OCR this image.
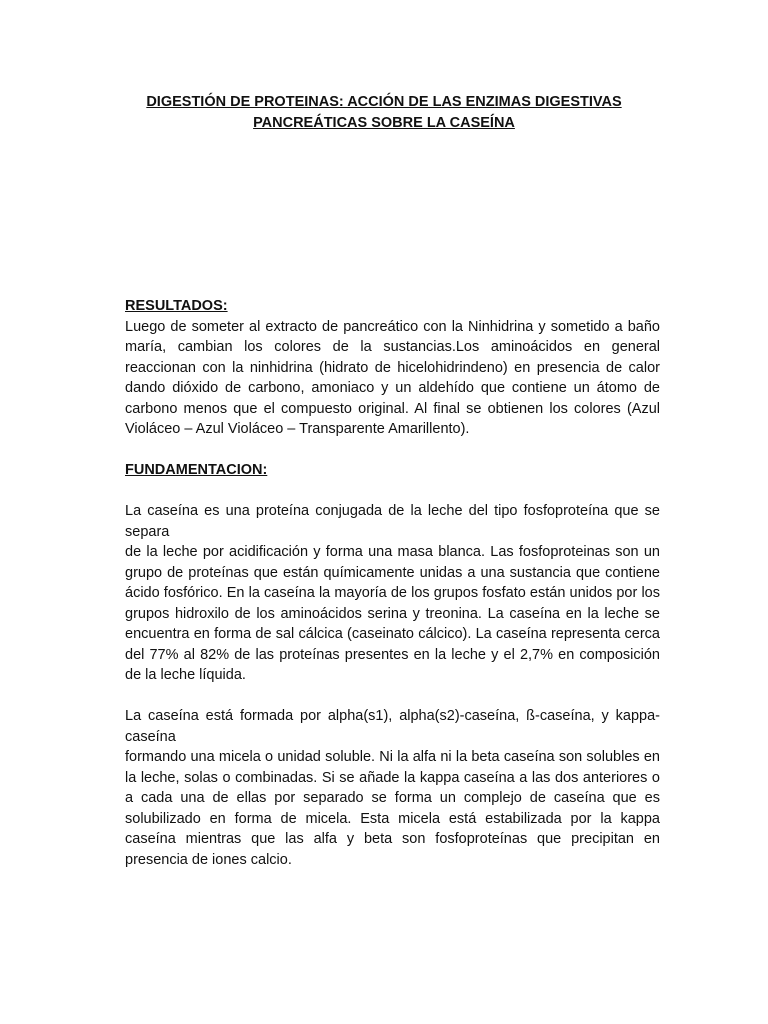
DIGESTIÓN DE PROTEINAS: ACCIÓN DE LAS ENZIMAS DIGESTIVAS
PANCREÁTICAS SOBRE LA CASEÍNA

RESULTADOS:

Luego de someter al extracto de pancreático con la Ninhidrina y sometido a baño maría, cambian los colores de la sustancias.Los aminoácidos en general reaccionan con la ninhidrina (hidrato de hicelohidrindeno) en presencia de calor dando dióxido de carbono, amoniaco y un aldehído que contiene un átomo de carbono menos que el compuesto original. Al final se obtienen los colores (Azul Violáceo – Azul Violáceo – Transparente Amarillento).

FUNDAMENTACION:

La caseína es una proteína conjugada de la leche del tipo fosfoproteína que se separa

de la leche por acidificación y forma una masa blanca. Las fosfoproteinas son un grupo de proteínas que están químicamente unidas a una sustancia que contiene ácido fosfórico. En la caseína la mayoría de los grupos fosfato están unidos por los grupos hidroxilo de los aminoácidos serina y treonina. La caseína en la leche se encuentra en forma de sal cálcica (caseinato cálcico). La caseína representa cerca del 77% al 82% de las proteínas presentes en la leche y el 2,7% en composición de la leche líquida.

La caseína está formada por alpha(s1), alpha(s2)-caseína, ß-caseína, y kappa-caseína

formando una micela o unidad soluble. Ni la alfa ni la beta caseína son solubles en la leche, solas o combinadas. Si se añade la kappa caseína a las dos anteriores o a cada una de ellas por separado se forma un complejo de caseína que es solubilizado en forma de micela. Esta micela está estabilizada por la kappa caseína mientras que las alfa y beta son fosfoproteínas que precipitan en presencia de iones calcio.
